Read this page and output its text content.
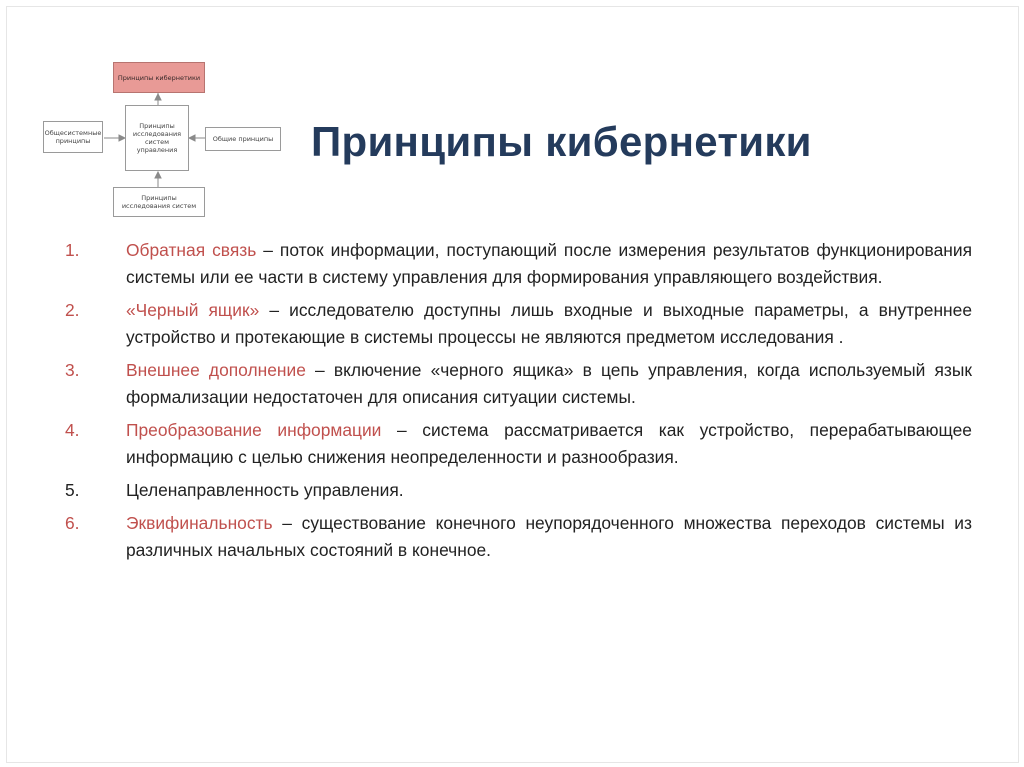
Принципы кибернетики
Принципы исследования систем управления
Общесистемные принципы	Общие принципы
Принципы исследования систем
Принципы кибернетики
1.	Обратная связь – поток информации, поступающий после измерения результатов функционирования системы или ее части в систему управления для формирования управляющего воздействия.
2.	«Черный ящик» – исследователю доступны лишь входные и выходные параметры, а внутреннее устройство и протекающие в системы процессы не являются предметом исследования .
3.	Внешнее дополнение – включение «черного ящика» в цепь управления, когда используемый язык формализации недостаточен для описания ситуации системы.
4.	Преобразование информации – система рассматривается как устройство, перерабатывающее информацию с целью снижения неопределенности и разнообразия.
5.	Целенаправленность управления.
6.	Эквифинальность – существование конечного неупорядоченного множества переходов системы из различных начальных состояний в конечное.
